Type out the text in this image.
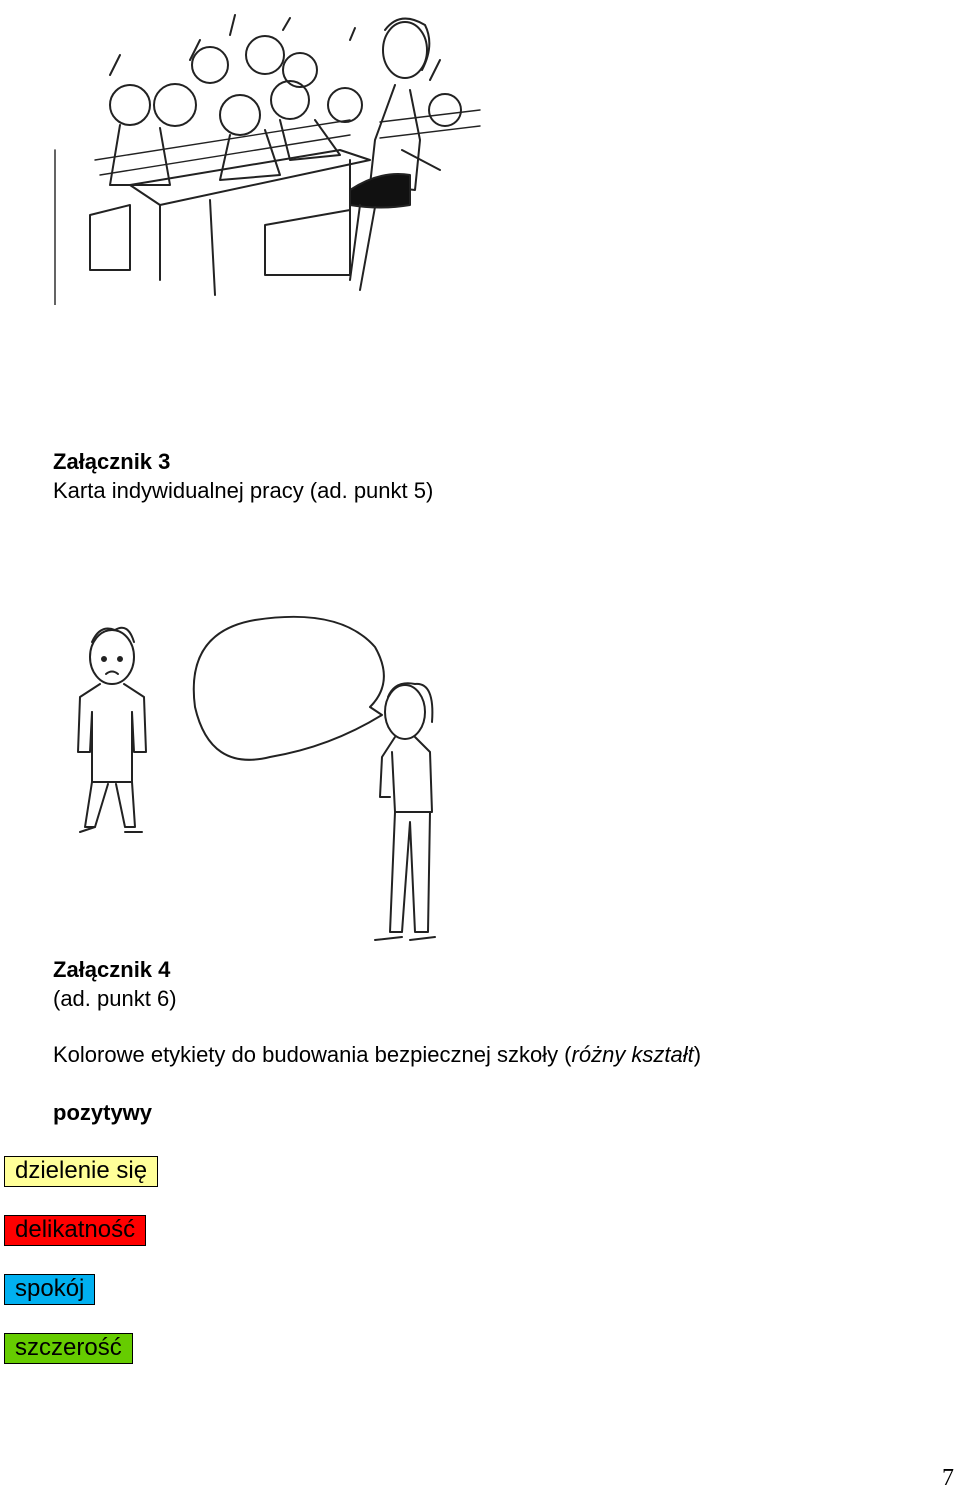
Załącznik 3
Karta indywidualnej pracy (ad. punkt 5)
Załącznik 4
(ad. punkt 6)
Kolorowe etykiety do budowania bezpiecznej szkoły (różny kształt)
pozytywy
dzielenie się
delikatność
spokój
szczerość
7
